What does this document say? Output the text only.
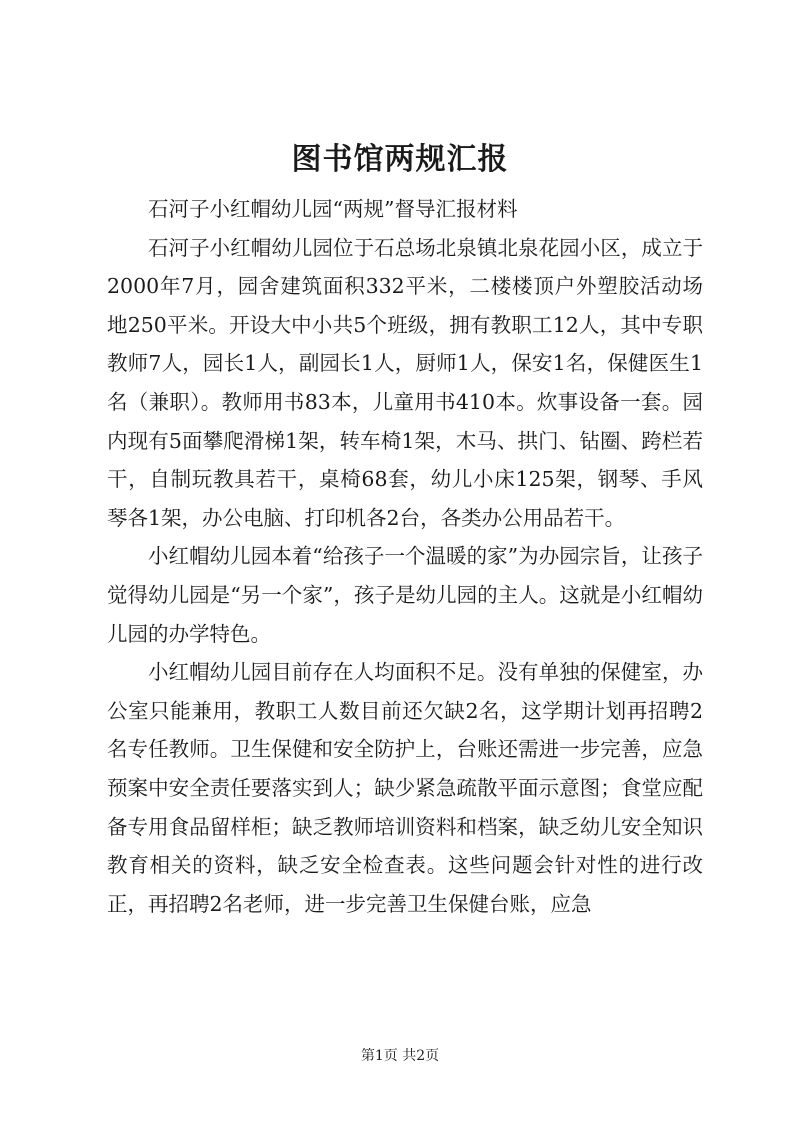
图书馆两规汇报

石河子小红帽幼儿园“两规”督导汇报材料

石河子小红帽幼儿园位于石总场北泉镇北泉花园小区，成立于2000年7月，园舍建筑面积332平米，二楼楼顶户外塑胶活动场地250平米。开设大中小共5个班级，拥有教职工12人，其中专职教师7人，园长1人，副园长1人，厨师1人，保安1名，保健医生1名（兼职）。教师用书83本，儿童用书410本。炊事设备一套。园内现有5面攀爬滑梯1架，转车椅1架，木马、拱门、钻圈、跨栏若干，自制玩教具若干，桌椅68套，幼儿小床125架，钢琴、手风琴各1架，办公电脑、打印机各2台，各类办公用品若干。

小红帽幼儿园本着“给孩子一个温暖的家”为办园宗旨，让孩子觉得幼儿园是“另一个家”，孩子是幼儿园的主人。这就是小红帽幼儿园的办学特色。

小红帽幼儿园目前存在人均面积不足。没有单独的保健室，办公室只能兼用，教职工人数目前还欠缺2名，这学期计划再招聘2名专任教师。卫生保健和安全防护上，台账还需进一步完善，应急预案中安全责任要落实到人；缺少紧急疏散平面示意图；食堂应配备专用食品留样柜；缺乏教师培训资料和档案，缺乏幼儿安全知识教育相关的资料，缺乏安全检查表。这些问题会针对性的进行改正，再招聘2名老师，进一步完善卫生保健台账，应急

第1页 共2页
